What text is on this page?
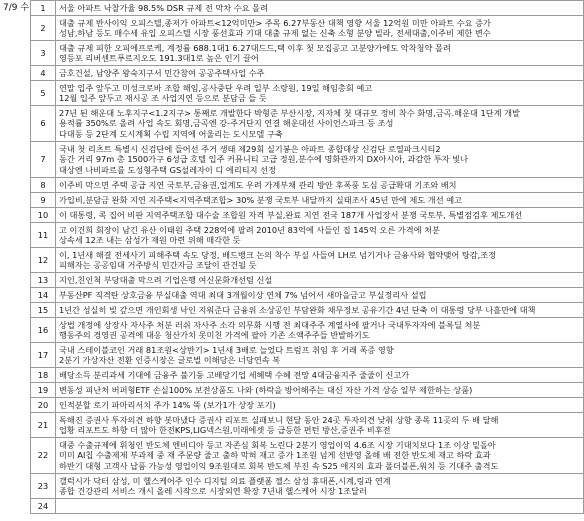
7/9 수 1	서울 아파트 낙찰가율 98.5% DSR 규제 전 막차 수요 몰려

2	대출 규제 반사이익 오피스텔,종저가 아파트<12억미만> 주목 6.27부동산 대책 영향 서울 12억원 미만 아파트 수요 증가
성남,하남 등도 매수세 유입 오피스텔 시장 풍선효과 기대 대출 규제 없는 신축 소형 분양 빌라, 전세대출,이주비 제한 변수

3	대출 규제 피한 오피에프로케, 계정률 688.1대1 6.27대드드,택 이후 첫 모집공고 고분양가에도 악착청약 몰려
영등포 리버센트푸르지오도 191.3대1로 높은 인기 끌어

4	금호건설, 남양주 왕숙지구서 민간참여 공공주택사업 수주

5	연말 입주 앞두고 미성크로바 조합 해임,공사중단 우려 일부 소랑원, 19일 해임총회 예고
12월 입주 앞두고 재시공 조 사업지연 등으로 분담금 들 듯

6	27년 된 해운대 노후지구<1.2지구> 통째로 개발한다 박형준 부산시장, 지자체 첫 대규모 정비 착수 화명,금곡.해운대 1단계 개발
용적률 350%로 올려 사업 속도 회명,금곡엔 강-주거단지 연결 해운대선 사이언스파크 등 조성
다대동 등 2단계 도시계획 수립 지역에 어울리는 도시모델 구축

7	국내 첫 리츠트 특별시 신검단에 들어선 주거 생태 제29회 실기봉은 아파트 종합대상 신검단 로열파크시티2
동간 거리 97m 총 1500가구 6성급 호텔 입주 커뮤니티 고급 정원,분수에 명화관까지 DX아시아, 과감한 투자 빛나
대상엔 나비파르를 도성형주택 GS설레자이 디 에리티지 선정

8	이주비 막으면 주택 공급 지연 국토부,금융권,업계도 우려 가계부채 관리 방안 후폭풍 도심 공급확대 기조와 배치

9	가입비,분담금 완화 지연 지주택<지역주택조합> 30% 분쟁 국토부 내달까지 실태조사 45년 만에 제도 개선 예고

10	이 대통령, 콕 집어 비판 지역주택조합 대수술 조합원 자격 부실,완료 지연 전국 187개 사업장서 분쟁 국토부, 특별점검후 제도개선

11	고 이건희 회장이 남긴 유산 이태원 주택 228억에 팔려 2010년 83억에 사들인 집 145억 오른 가격에 처분
상속세 12조 내는 삼성가 재원 마련 위해 매각한 듯

12	이, 1년새 해결 전세사기 피해주택 속도 당정, 배드뱅크 논의 착수 부실 사들여 LH로 넘기거나 금융사와 협약맺어 탕감,조정
피해자는 공공임대 거주방식 민간자금 조달이 관건될 듯

13	지인,친인척 부당대출 막으려 기업은행 여신문화개선팀 신설

14	부동산PF 직격탄 상호금융 부실대출 역대 최대 3개월이상 연체 7% 넘어서 새마을금고 부실정리사 설립

15	1년간 성실히 빚 갚으면 개인회생 낙인 지워준다 금융위 소상공인 부담완화 채무정보 공유기간 4년 단축 이 대통령 당부 나흘만에 대책

16	상법 개정에 상장사 자사주 처분 러쉬 자사주 소각 의무화 시행 전 최대주주 계열사에 팔거나 국내투자자에 블록딜 처분
행동주의 경영권 공격에 대응 청산가치 못미친 가격에 팔아 기존 소액주주들 반발하기도

17	국내 스테이블코인 거래 81조원<상반기> 1년새 3배로 늘었다 트럼프 취임 후 거래 폭증 영향
2분기 가상자산 전환 인증시장은 글로벌 이해당은 너당연속 복

18	배당소득 분리과세 기대에 금융주 불기둥 고배당기업 세혜택 수혜 전망 4대금융지주 줄줄이 신고가

19	변동성 피난처 버퍼형ETF 손실100% 보전상품도 나와 (하락을 방어해주는 대신 자산 가격 상승 일부 제한하는 상품)

20	인적분할 로기 파마리서치 주가 14% 뚝 (보가1가 상장 포기)

21	독해진 증권사 투자의견 하향 봇마냈다 증권사 리포트 실패보니 현달 동안 24곳 투자의견 낮춰 상향 종목 11곳의 두 배 달해
업황 리포트도 하향 더 많아 한전KPS,LIG넥스원,미래에셋 등 급등한 편턴 방산,증권주 비후전

22	대중 수출규제에 휘청인 반도체 엔비디아 등고 자존심 회복 노린다 2분기 영업이익 4.6조 시장 기대치보다 1조 이상 밑돌아
미미 AI칩 수출제제 부과제 중 재 주문량 줄고 출하 막혀 재고 증가 1조원 넘게 선반영 올해 배 전한 반도체 재고 하락 효과
하반기 대형 고객사 납품 가능성 영업이익 9조원대로 회복 반도체 부진 속 S25 애지의 효과 폴더블폰,워치 등 기대주 출격도

23	갤럭시가 닥터 삼성, 미 헬스케어주 인수 디지털 의료 플랫폼 젤스 삼성 휴대폰,시계,링과 연계
종합 건강관리 서비스 개시 올레 시작으로 시장외연 확장 7년내 헬스케어 시장 1조달러

24	
